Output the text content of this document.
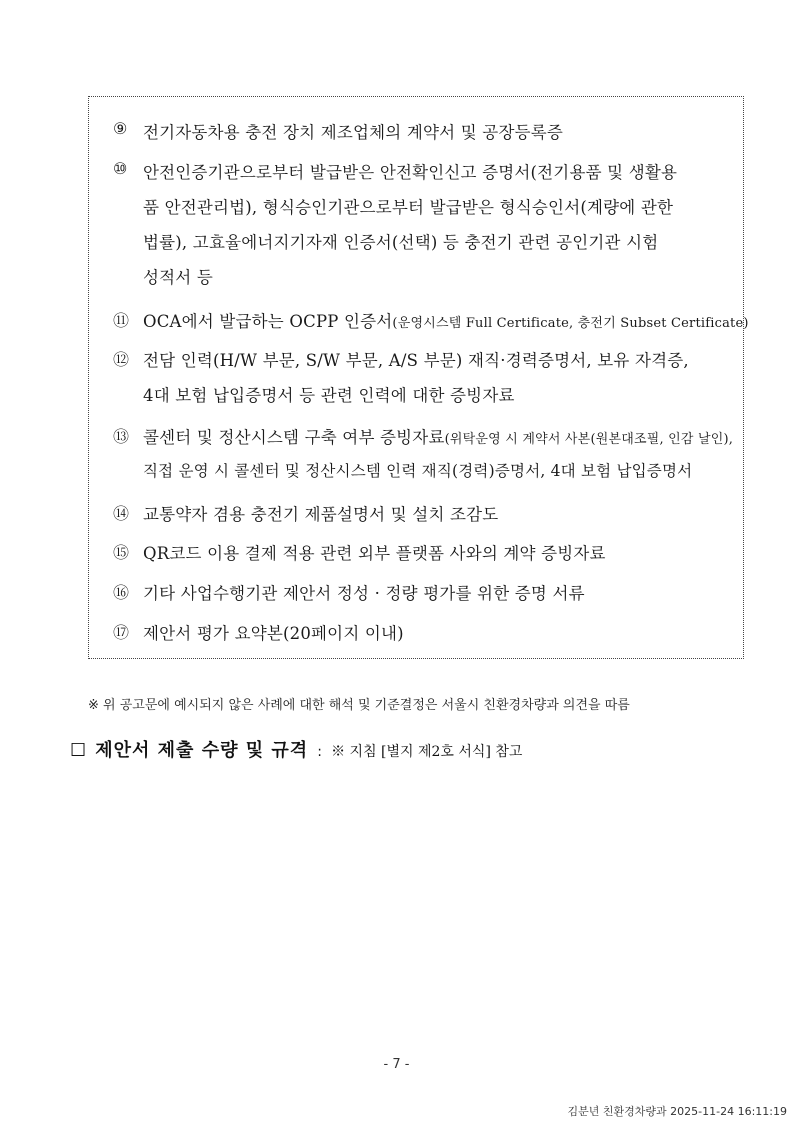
⑨ 전기자동차용 충전 장치 제조업체의 계약서 및 공장등록증
⑩ 안전인증기관으로부터 발급받은 안전확인신고 증명서(전기용품 및 생활용
품 안전관리법), 형식승인기관으로부터 발급받은 형식승인서(계량에 관한
법률), 고효율에너지기자재 인증서(선택) 등 충전기 관련 공인기관 시험
성적서 등
⑪ OCA에서 발급하는 OCPP 인증서(운영시스템 Full Certificate, 충전기 Subset Certificate)
⑫ 전담 인력(H/W 부문, S/W 부문, A/S 부문) 재직·경력증명서, 보유 자격증,
4대 보험 납입증명서 등 관련 인력에 대한 증빙자료
⑬ 콜센터 및 정산시스템 구축 여부 증빙자료(위탁운영 시 계약서 사본(원본대조필, 인감 날인),
직접 운영 시 콜센터 및 정산시스템 인력 재직(경력)증명서, 4대 보험 납입증명서
⑭ 교통약자 겸용 충전기 제품설명서 및 설치 조감도
⑮ QR코드 이용 결제 적용 관련 외부 플랫폼 사와의 계약 증빙자료
⑯ 기타 사업수행기관 제안서 정성 · 정량 평가를 위한 증명 서류
⑰ 제안서 평가 요약본(20페이지 이내)
※ 위 공고문에 예시되지 않은 사례에 대한 해석 및 기준결정은 서울시 친환경차량과 의견을 따름
☐ 제안서 제출 수량 및 규격 : ※ 지침 [별지 제2호 서식] 참고
- 7 -
김분년 친환경차량과 2025-11-24 16:11:19
